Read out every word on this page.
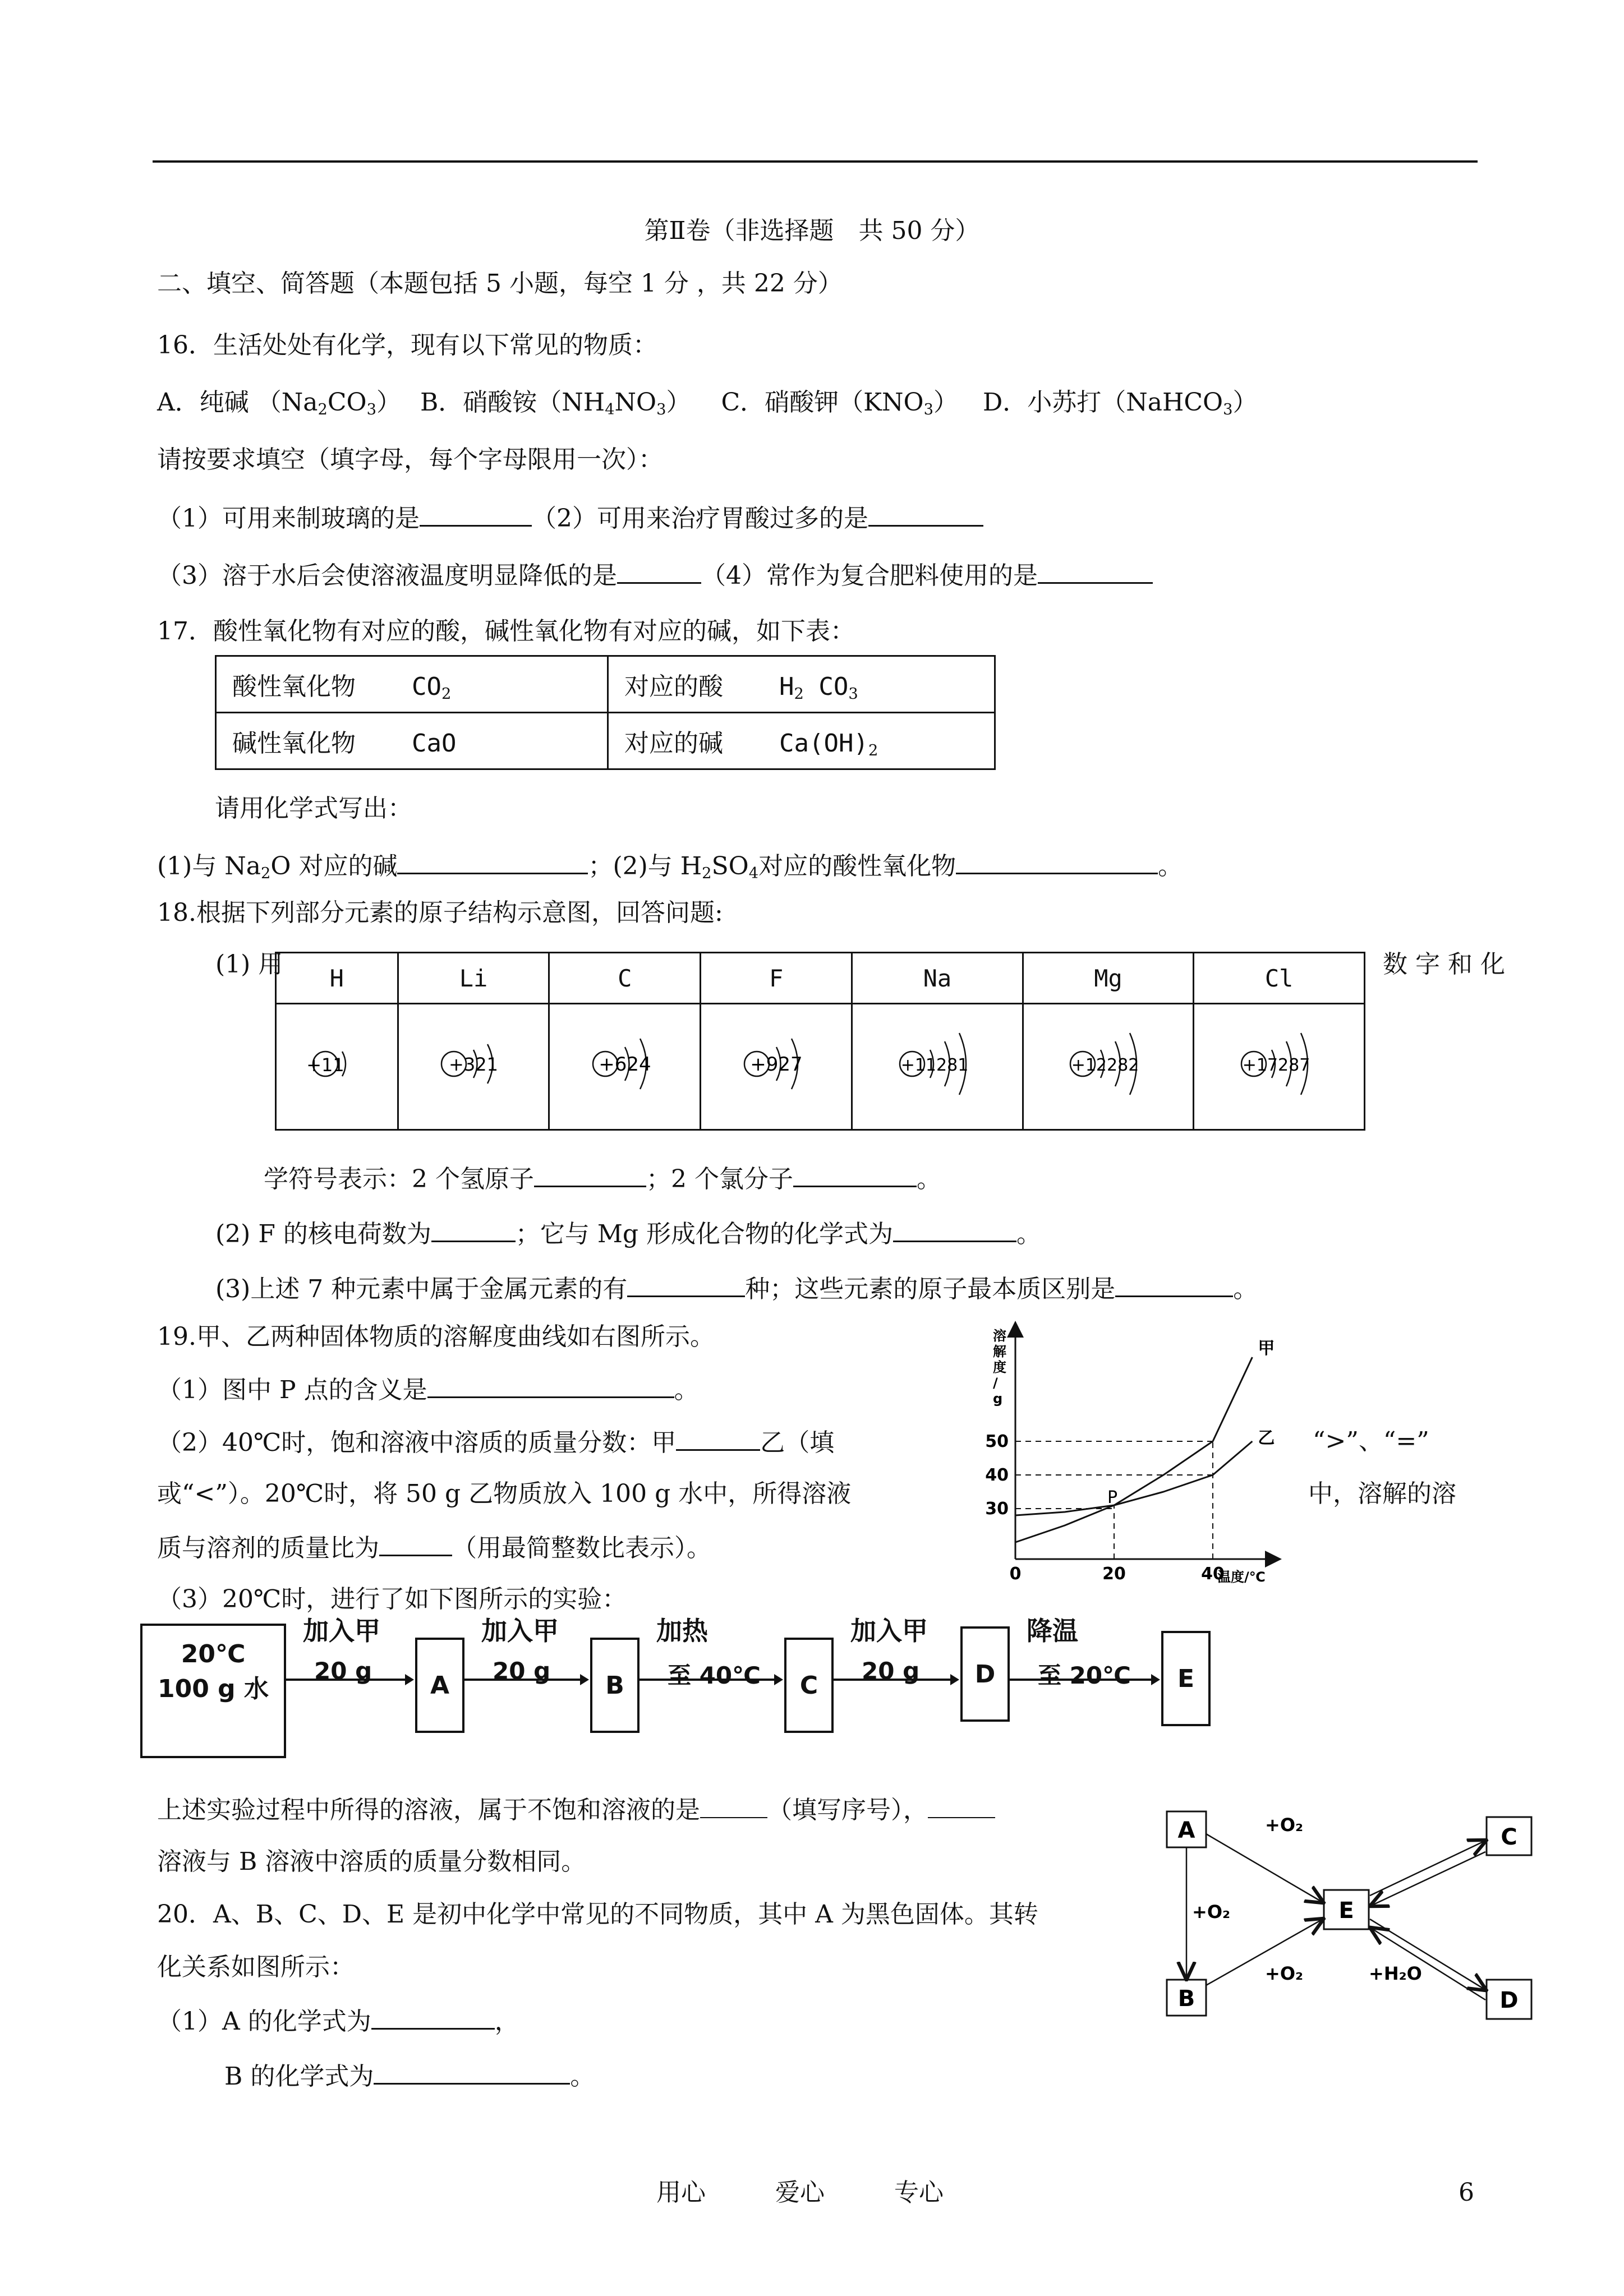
第Ⅱ卷（非选择题　共 50 分）
二、填空、简答题（本题包括 5 小题，每空 1 分 ，共 22 分）
16．生活处处有化学，现有以下常见的物质：
A．纯碱 $(Na_2CO_3)$ B．硝酸铵$(NH_4NO_3)$ C．硝酸钾$(KNO_3)$ D．小苏打（NaHCO$_3$）
请按要求填空（填字母，每个字母限用一次）：
（1）可用来制玻璃的是	（2）可用来治疗胃酸过多的是
（3）溶于水后会使溶液温度明显降低的是	（4）常作为复合肥料使用的是
17．酸性氧化物有对应的酸，碱性氧化物有对应的碱，如下表：
酸性氧化物 $CO_2$	对应的酸 $H_2$ $CO_3$
碱性氧化物 CaO	对应的碱 $Ca(OH)_2$
请用化学式写出：
(1)与 $Na_2O$ 对应的碱	；(2)与 $H_2SO_4$对应的酸性氧化物	。
18.根据下列部分元素的原子结构示意图，回答问题:
(1) 用	数 字 和 化
H	Li	C	F	Na	Mg	Cl

+11	+321	+624	+927	+11281	+12282	+17287
学符号表示：2 个氢原子	；2 个氯分子	。
(2) F 的核电荷数为	；它与 Mg 形成化合物的化学式为	。
(3)上述 7 种元素中属于金属元素的有	种；这些元素的原子最本质区别是	。
19.甲、乙两种固体物质的溶解度曲线如右图所示。
（1）图中 P 点的含义是	。
（2）40℃时，饱和溶液中溶质的质量分数：甲	乙（填	“>”、“=”
或“<”）。20℃时，将 50 g 乙物质放入 100 g 水中，所得溶液	中，溶解的溶
质与溶剂的质量比为	（用最简整数比表示）。
（3）20℃时，进行了如下图所示的实验：
甲
乙
30
40
50
0	20	40
溶解度/ g
温度/℃
P
20℃
100 g 水	A
加入甲
20 g	B
加入甲
20 g	C
加热
至 40℃	D
加入甲
20 g	E
降温
至 20℃
上述实验过程中所得的溶液，属于不饱和溶液的是	（填写序号），
溶液与 B 溶液中溶质的质量分数相同。
20．A、B、C、D、E 是初中化学中常见的不同物质，其中 A 为黑色固体。其转
化关系如图所示：
（1）A 的化学式为	，
B 的化学式为	。
A
B
C
D
E
+O₂
+O₂
+O₂	+H₂O
用心	爱心	专心	6
